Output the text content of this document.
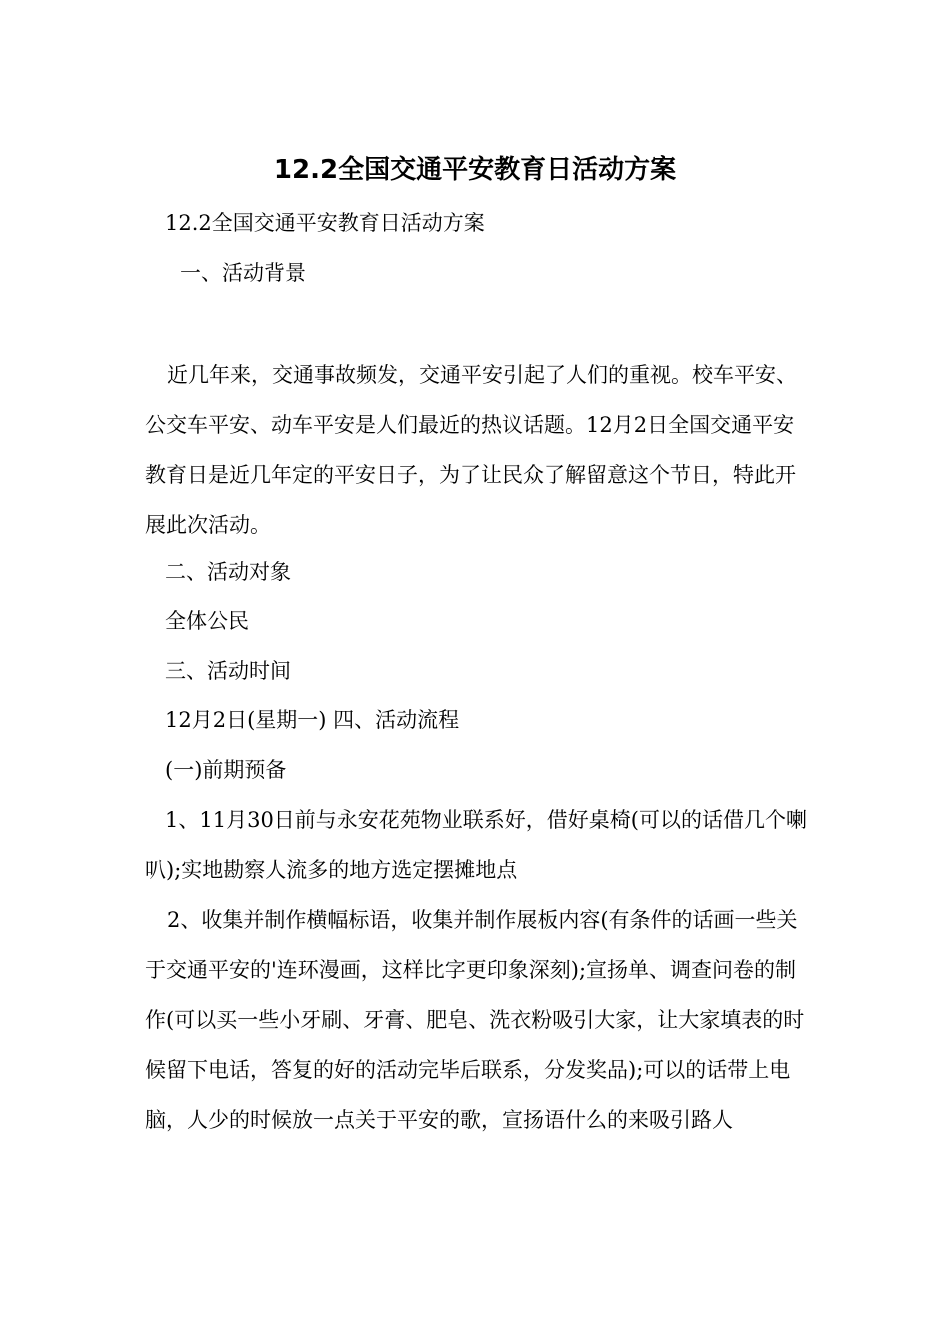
12.2全国交通平安教育日活动方案

12.2全国交通平安教育日活动方案

一、活动背景

近几年来，交通事故频发，交通平安引起了人们的重视。校车平安、公交车平安、动车平安是人们最近的热议话题。12月2日全国交通平安教育日是近几年定的平安日子，为了让民众了解留意这个节日，特此开展此次活动。

二、活动对象

全体公民

三、活动时间

12月2日(星期一) 四、活动流程

(一)前期预备

1、11月30日前与永安花苑物业联系好，借好桌椅(可以的话借几个喇叭);实地勘察人流多的地方选定摆摊地点

2、收集并制作横幅标语，收集并制作展板内容(有条件的话画一些关于交通平安的'连环漫画，这样比字更印象深刻);宣扬单、调查问卷的制作(可以买一些小牙刷、牙膏、肥皂、洗衣粉吸引大家，让大家填表的时候留下电话，答复的好的活动完毕后联系，分发奖品);可以的话带上电脑，人少的时候放一点关于平安的歌，宣扬语什么的来吸引路人
